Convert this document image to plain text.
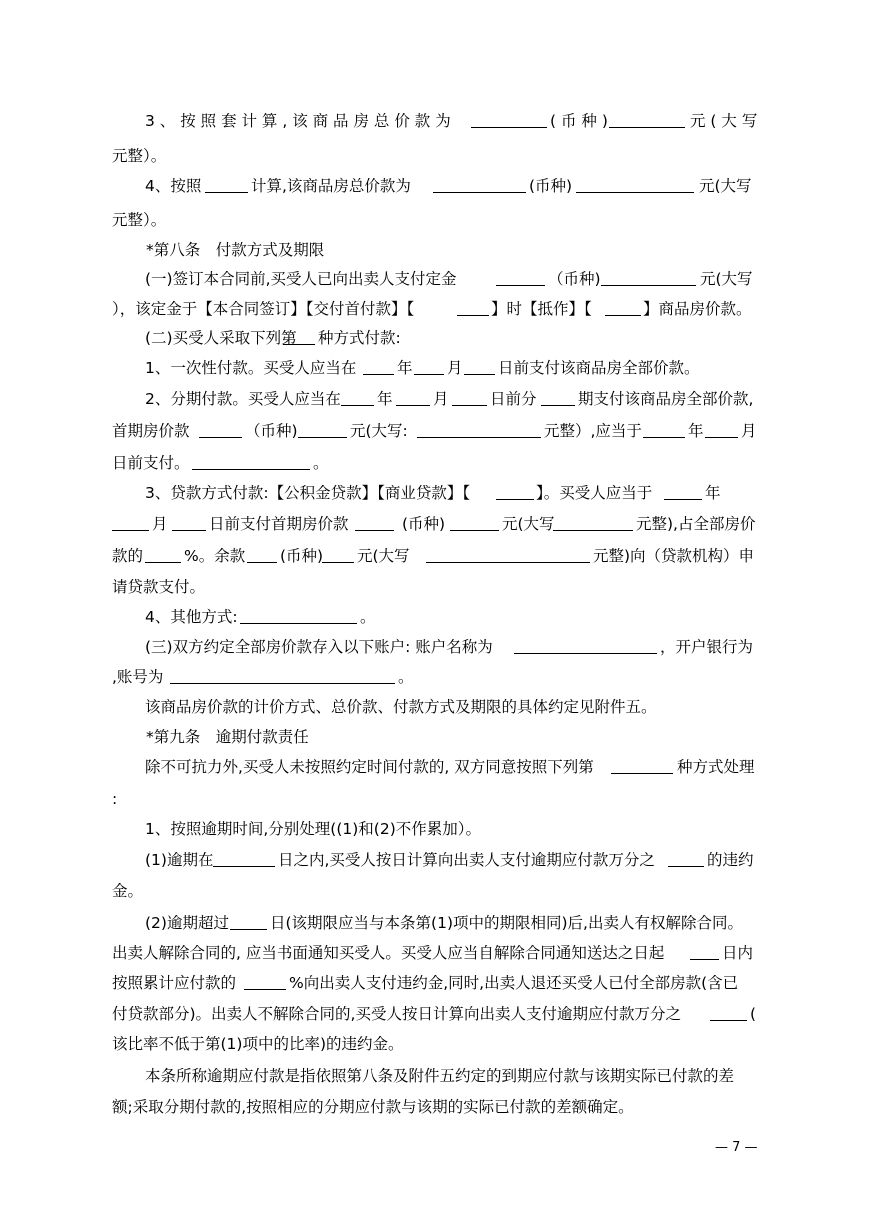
3 、 按 照 套 计 算 , 该 商 品 房 总 价 款 为	( 币 种 )	元 ( 大 写
元整）。
4、按照	计算,该商品房总价款为	(币种)	元(大写
元整）。
*第八条　付款方式及期限
(一)签订本合同前,买受人已向出卖人支付定金	（币种)	元(大写
），该定金于【本合同签订】【交付首付款】【	】时【抵作】【	】商品房价款。
(二)买受人采取下列第 种方式付款:
1、一次性付款。买受人应当在	年 月 日前支付该商品房全部价款。
2、分期付款。买受人应当在 年	月	日前分	期支付该商品房全部价款,
首期房价款	（币种)	元(大写:	元整）,应当于	年 月
日前支付。	。
3、贷款方式付款:【公积金贷款】【商业贷款】【	】。买受人应当于	年
月	日前支付首期房价款	(币种)	元(大写	元整),占全部房价
款的	%。余款 (币种) 元(大写	元整)向（贷款机构）申
请贷款支付。
4、其他方式:	。
(三)双方约定全部房价款存入以下账户: 账户名称为	，开户银行为
,账号为	。
该商品房价款的计价方式、总价款、付款方式及期限的具体约定见附件五。
*第九条　逾期付款责任
除不可抗力外,买受人未按照约定时间付款的, 双方同意按照下列第	种方式处理
:
1、按照逾期时间,分别处理((1)和(2)不作累加）。
(1)逾期在	日之内,买受人按日计算向出卖人支付逾期应付款万分之	的违约
金。
(2)逾期超过	日(该期限应当与本条第(1)项中的期限相同)后,出卖人有权解除合同。
出卖人解除合同的, 应当书面通知买受人。买受人应当自解除合同通知送达之日起	日内
按照累计应付款的	%向出卖人支付违约金,同时,出卖人退还买受人已付全部房款(含已
付贷款部分)。出卖人不解除合同的,买受人按日计算向出卖人支付逾期应付款万分之	(
该比率不低于第(1)项中的比率)的违约金。
本条所称逾期应付款是指依照第八条及附件五约定的到期应付款与该期实际已付款的差
额;采取分期付款的,按照相应的分期应付款与该期的实际已付款的差额确定。
— 7 —
